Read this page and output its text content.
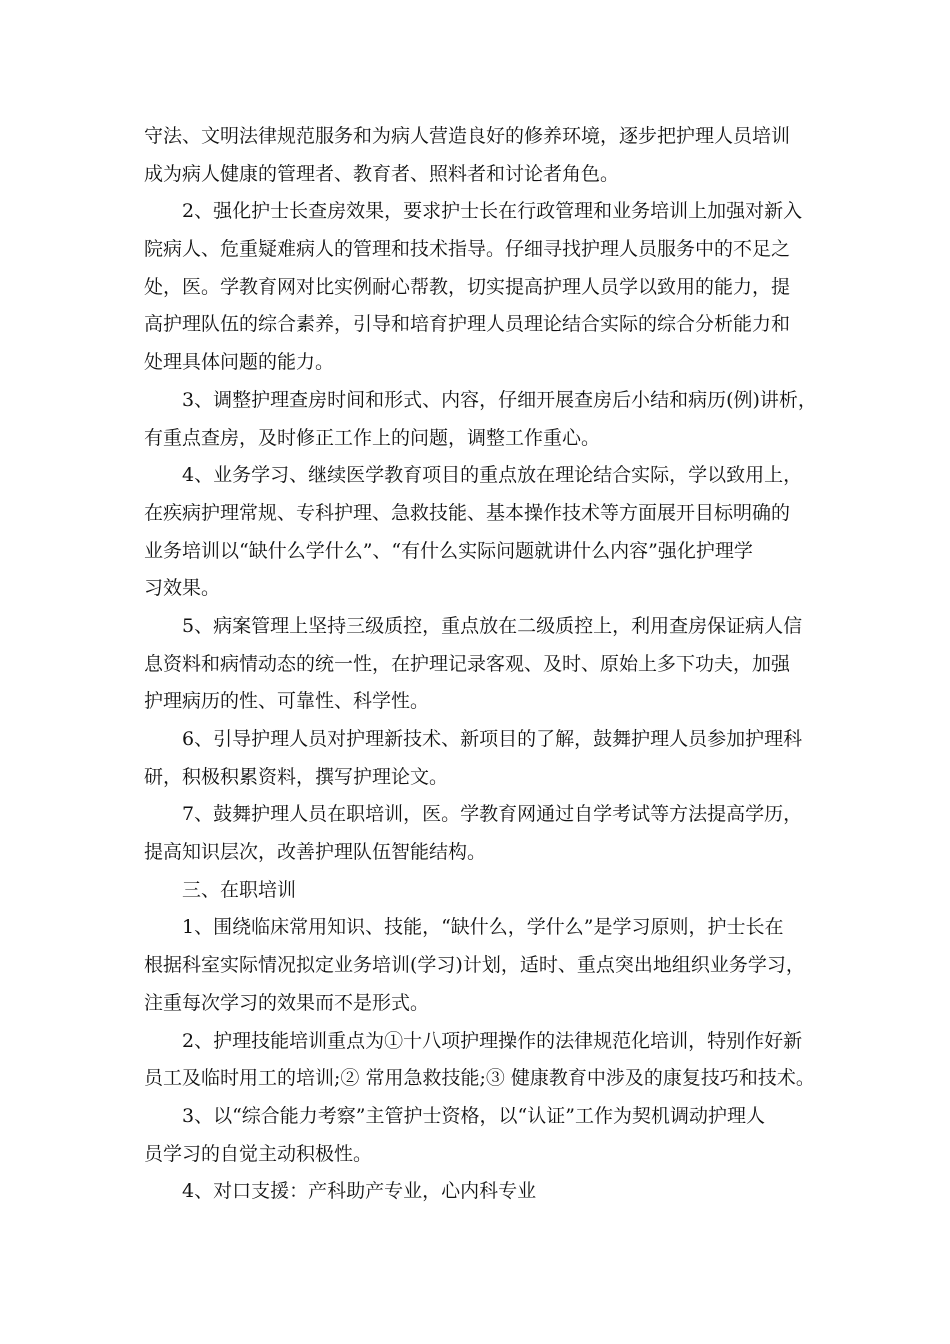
守法、文明法律规范服务和为病人营造良好的修养环境，逐步把护理人员培训

成为病人健康的管理者、教育者、照料者和讨论者角色。

2、强化护士长查房效果，要求护士长在行政管理和业务培训上加强对新入

院病人、危重疑难病人的管理和技术指导。仔细寻找护理人员服务中的不足之

处，医。学教育网对比实例耐心帮教，切实提高护理人员学以致用的能力，提

高护理队伍的综合素养，引导和培育护理人员理论结合实际的综合分析能力和

处理具体问题的能力。

3、调整护理查房时间和形式、内容，仔细开展查房后小结和病历(例)讲析，

有重点查房，及时修正工作上的问题，调整工作重心。

4、业务学习、继续医学教育项目的重点放在理论结合实际，学以致用上，

在疾病护理常规、专科护理、急救技能、基本操作技术等方面展开目标明确的

业务培训以“缺什么学什么”、“有什么实际问题就讲什么内容”强化护理学

习效果。

5、病案管理上坚持三级质控，重点放在二级质控上，利用查房保证病人信

息资料和病情动态的统一性，在护理记录客观、及时、原始上多下功夫，加强

护理病历的性、可靠性、科学性。

6、引导护理人员对护理新技术、新项目的了解，鼓舞护理人员参加护理科

研，积极积累资料，撰写护理论文。

7、鼓舞护理人员在职培训，医。学教育网通过自学考试等方法提高学历，

提高知识层次，改善护理队伍智能结构。

三、在职培训

1、围绕临床常用知识、技能，“缺什么，学什么”是学习原则，护士长在

根据科室实际情况拟定业务培训(学习)计划，适时、重点突出地组织业务学习，

注重每次学习的效果而不是形式。

2、护理技能培训重点为①十八项护理操作的法律规范化培训，特别作好新

员工及临时用工的培训;② 常用急救技能;③ 健康教育中涉及的康复技巧和技术。

3、以“综合能力考察”主管护士资格，以“认证”工作为契机调动护理人

员学习的自觉主动积极性。

4、对口支援：产科助产专业，心内科专业
